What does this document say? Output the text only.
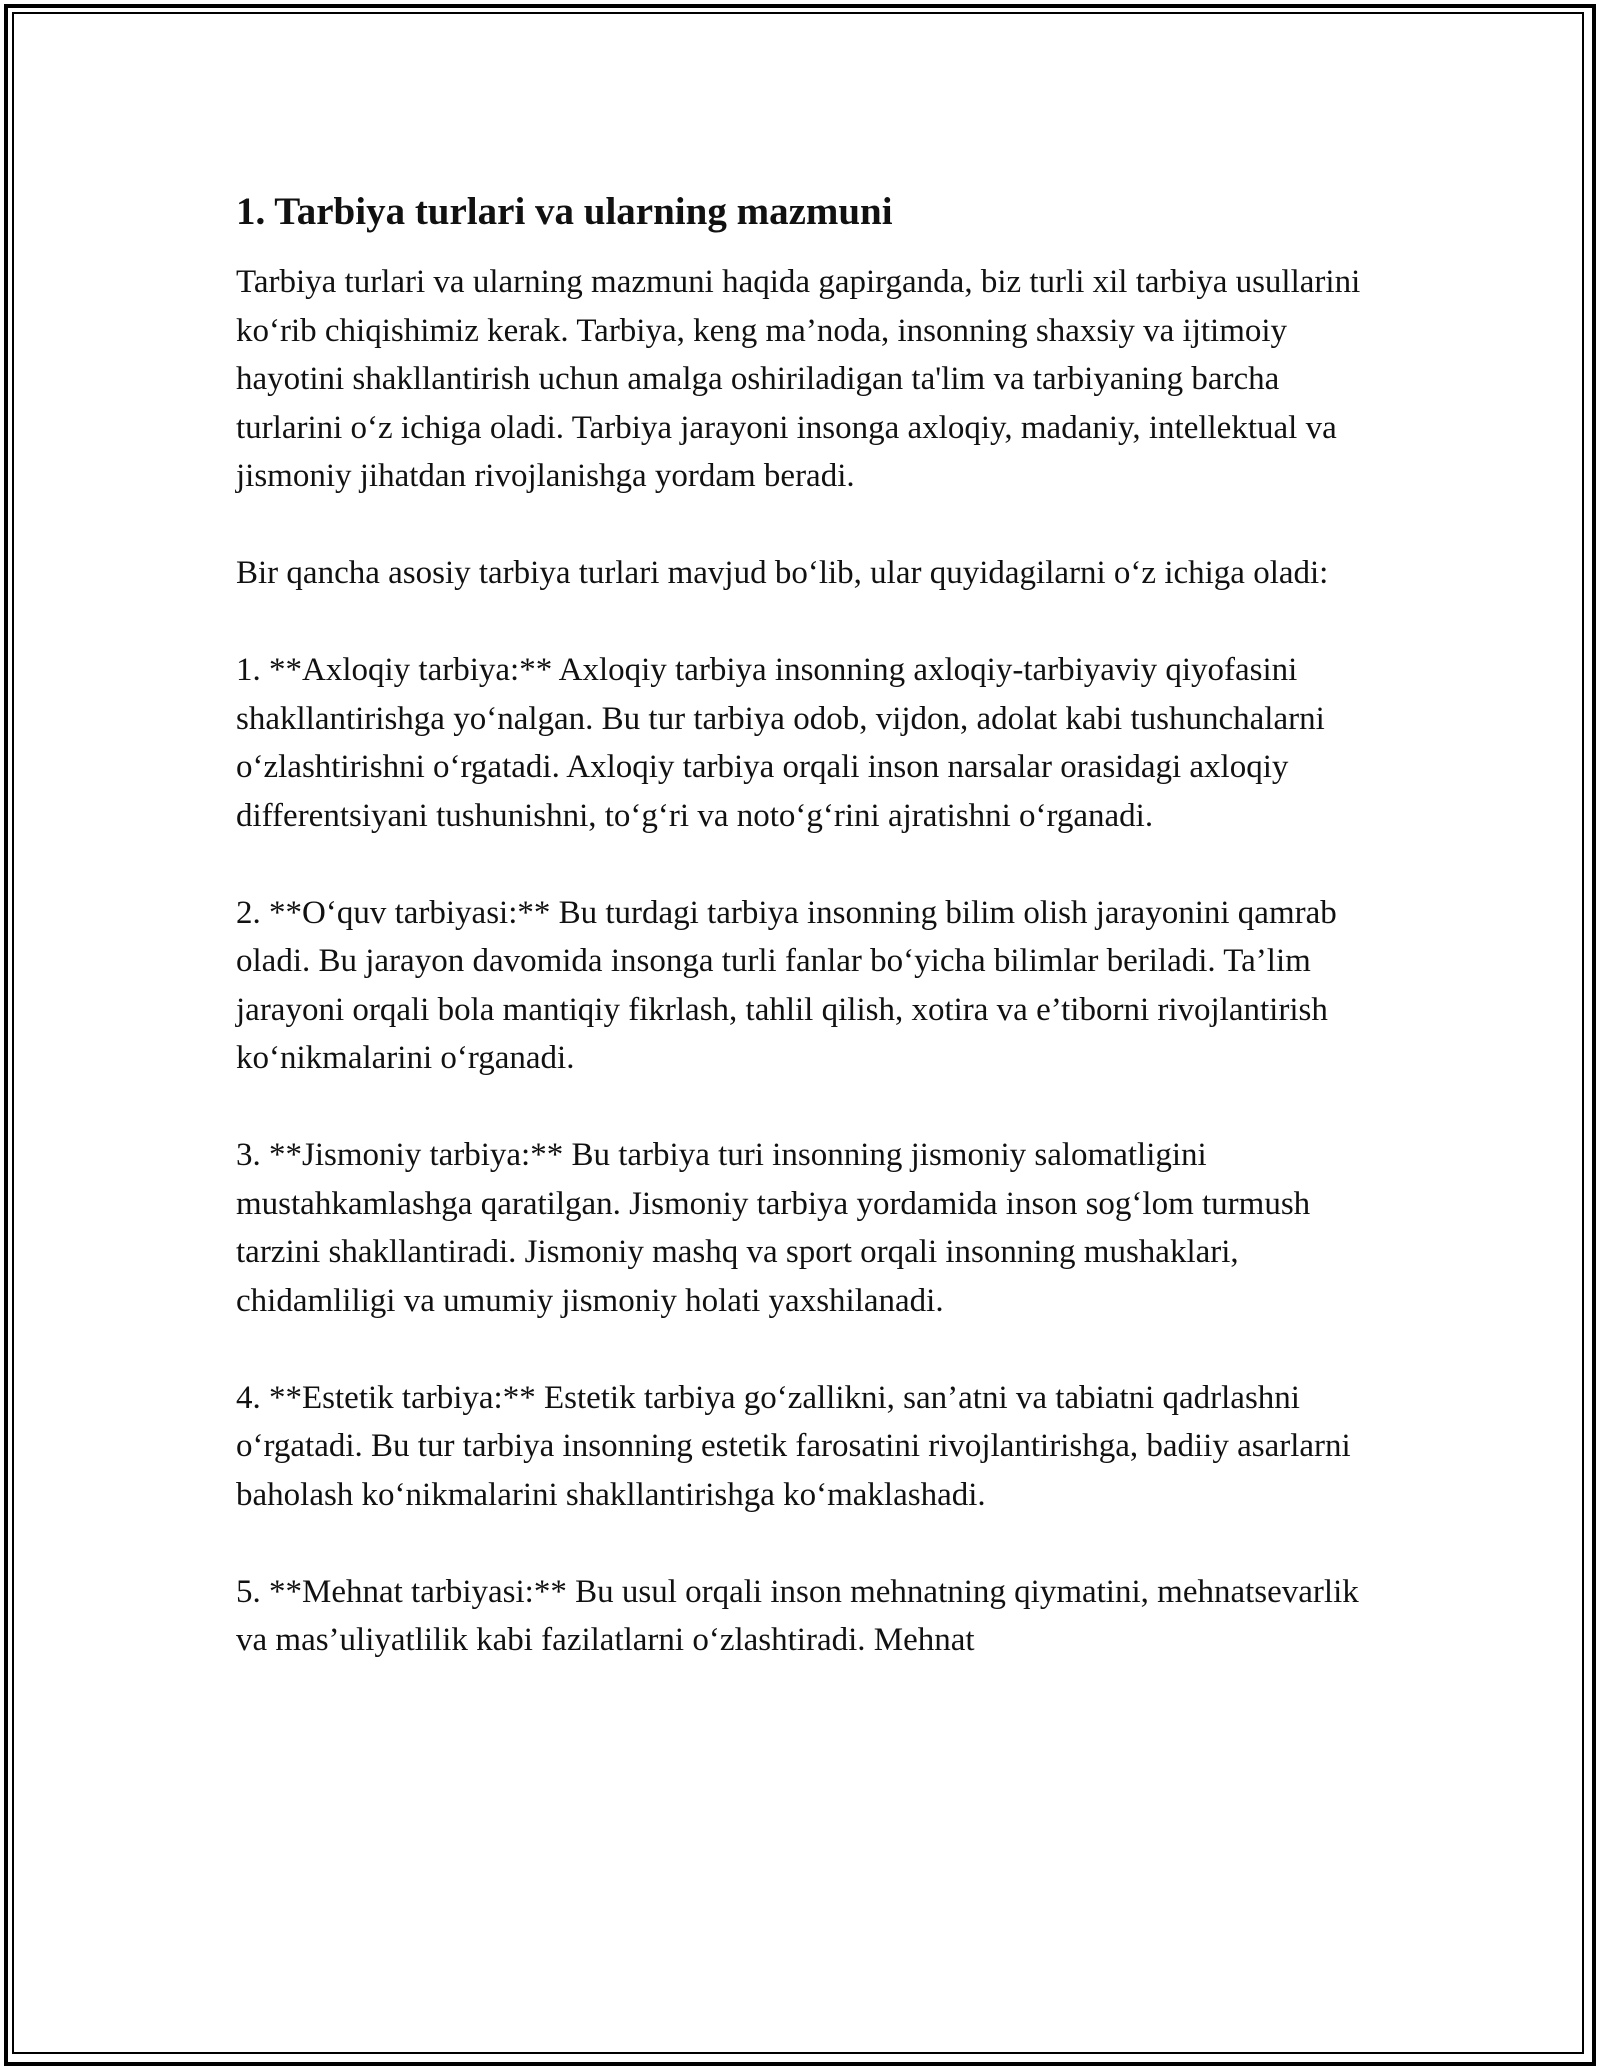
1. Tarbiya turlari va ularning mazmuni

Tarbiya turlari va ularning mazmuni haqida gapirganda, biz turli xil tarbiya usullarini ko‘rib chiqishimiz kerak. Tarbiya, keng ma’noda, insonning shaxsiy va ijtimoiy hayotini shakllantirish uchun amalga oshiriladigan ta'lim va tarbiyaning barcha turlarini o‘z ichiga oladi. Tarbiya jarayoni insonga axloqiy, madaniy, intellektual va jismoniy jihatdan rivojlanishga yordam beradi.

Bir qancha asosiy tarbiya turlari mavjud bo‘lib, ular quyidagilarni o‘z ichiga oladi:

1. **Axloqiy tarbiya:** Axloqiy tarbiya insonning axloqiy-tarbiyaviy qiyofasini shakllantirishga yo‘nalgan. Bu tur tarbiya odob, vijdon, adolat kabi tushunchalarni o‘zlashtirishni o‘rgatadi. Axloqiy tarbiya orqali inson narsalar orasidagi axloqiy differentsiyani tushunishni, to‘g‘ri va noto‘g‘rini ajratishni o‘rganadi.

2. **O‘quv tarbiyasi:** Bu turdagi tarbiya insonning bilim olish jarayonini qamrab oladi. Bu jarayon davomida insonga turli fanlar bo‘yicha bilimlar beriladi. Ta’lim jarayoni orqali bola mantiqiy fikrlash, tahlil qilish, xotira va e’tiborni rivojlantirish ko‘nikmalarini o‘rganadi.

3. **Jismoniy tarbiya:** Bu tarbiya turi insonning jismoniy salomatligini mustahkamlashga qaratilgan. Jismoniy tarbiya yordamida inson sog‘lom turmush tarzini shakllantiradi. Jismoniy mashq va sport orqali insonning mushaklari, chidamliligi va umumiy jismoniy holati yaxshilanadi.

4. **Estetik tarbiya:** Estetik tarbiya go‘zallikni, san’atni va tabiatni qadrlashni o‘rgatadi. Bu tur tarbiya insonning estetik farosatini rivojlantirishga, badiiy asarlarni baholash ko‘nikmalarini shakllantirishga ko‘maklashadi.

5. **Mehnat tarbiyasi:** Bu usul orqali inson mehnatning qiymatini, mehnatsevarlik va mas’uliyatlilik kabi fazilatlarni o‘zlashtiradi. Mehnat
